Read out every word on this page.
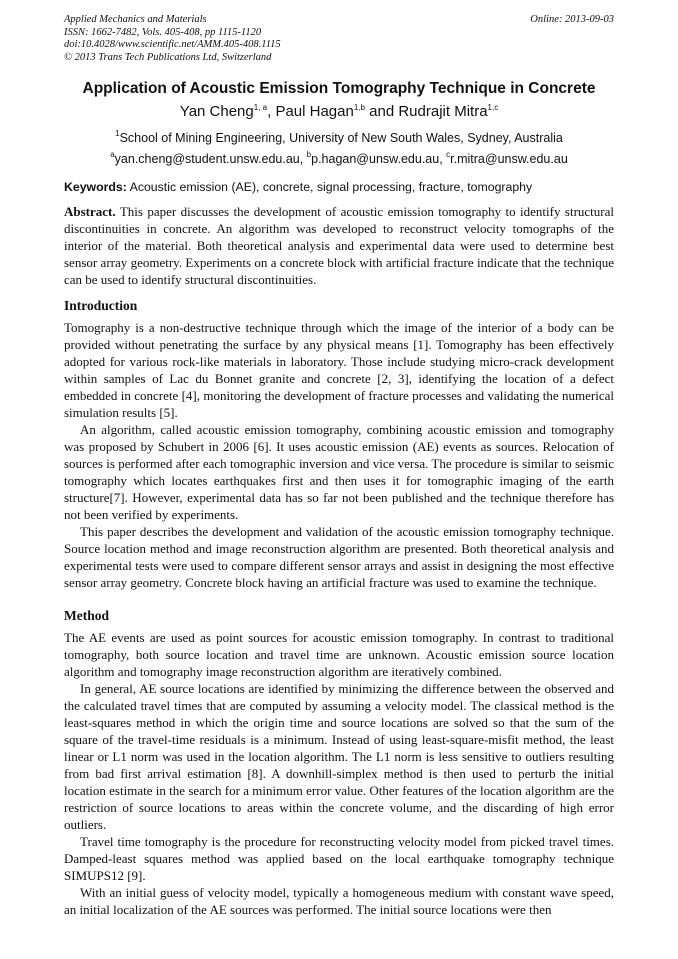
Applied Mechanics and Materials
ISSN: 1662-7482, Vols. 405-408, pp 1115-1120
doi:10.4028/www.scientific.net/AMM.405-408.1115
© 2013 Trans Tech Publications Ltd, Switzerland
Online: 2013-09-03
Application of Acoustic Emission Tomography Technique in Concrete
Yan Cheng$^{1, a}$, Paul Hagan$^{1,b}$ and Rudrajit Mitra$^{1,c}$
$^1$School of Mining Engineering, University of New South Wales, Sydney, Australia
$^a$yan.cheng@student.unsw.edu.au, $^b$p.hagan@unsw.edu.au, $^c$r.mitra@unsw.edu.au
Keywords: Acoustic emission (AE), concrete, signal processing, fracture, tomography

Abstract. This paper discusses the development of acoustic emission tomography to identify structural discontinuities in concrete. An algorithm was developed to reconstruct velocity tomographs of the interior of the material. Both theoretical analysis and experimental data were used to determine best sensor array geometry. Experiments on a concrete block with artificial fracture indicate that the technique can be used to identify structural discontinuities.

Introduction

Tomography is a non-destructive technique through which the image of the interior of a body can be provided without penetrating the surface by any physical means [1]. Tomography has been effectively adopted for various rock-like materials in laboratory. Those include studying micro-crack development within samples of Lac du Bonnet granite and concrete [2, 3], identifying the location of a defect embedded in concrete [4], monitoring the development of fracture processes and validating the numerical simulation results [5].

An algorithm, called acoustic emission tomography, combining acoustic emission and tomography was proposed by Schubert in 2006 [6]. It uses acoustic emission (AE) events as sources. Relocation of sources is performed after each tomographic inversion and vice versa. The procedure is similar to seismic tomography which locates earthquakes first and then uses it for tomographic imaging of the earth structure[7]. However, experimental data has so far not been published and the technique therefore has not been verified by experiments.

This paper describes the development and validation of the acoustic emission tomography technique. Source location method and image reconstruction algorithm are presented. Both theoretical analysis and experimental tests were used to compare different sensor arrays and assist in designing the most effective sensor array geometry. Concrete block having an artificial fracture was used to examine the technique.

Method

The AE events are used as point sources for acoustic emission tomography. In contrast to traditional tomography, both source location and travel time are unknown. Acoustic emission source location algorithm and tomography image reconstruction algorithm are iteratively combined.

In general, AE source locations are identified by minimizing the difference between the observed and the calculated travel times that are computed by assuming a velocity model. The classical method is the least-squares method in which the origin time and source locations are solved so that the sum of the square of the travel-time residuals is a minimum. Instead of using least-square-misfit method, the least linear or L1 norm was used in the location algorithm. The L1 norm is less sensitive to outliers resulting from bad first arrival estimation [8]. A downhill-simplex method is then used to perturb the initial location estimate in the search for a minimum error value. Other features of the location algorithm are the restriction of source locations to areas within the concrete volume, and the discarding of high error outliers.

Travel time tomography is the procedure for reconstructing velocity model from picked travel times. Damped-least squares method was applied based on the local earthquake tomography technique SIMUPS12 [9].

With an initial guess of velocity model, typically a homogeneous medium with constant wave speed, an initial localization of the AE sources was performed. The initial source locations were then
